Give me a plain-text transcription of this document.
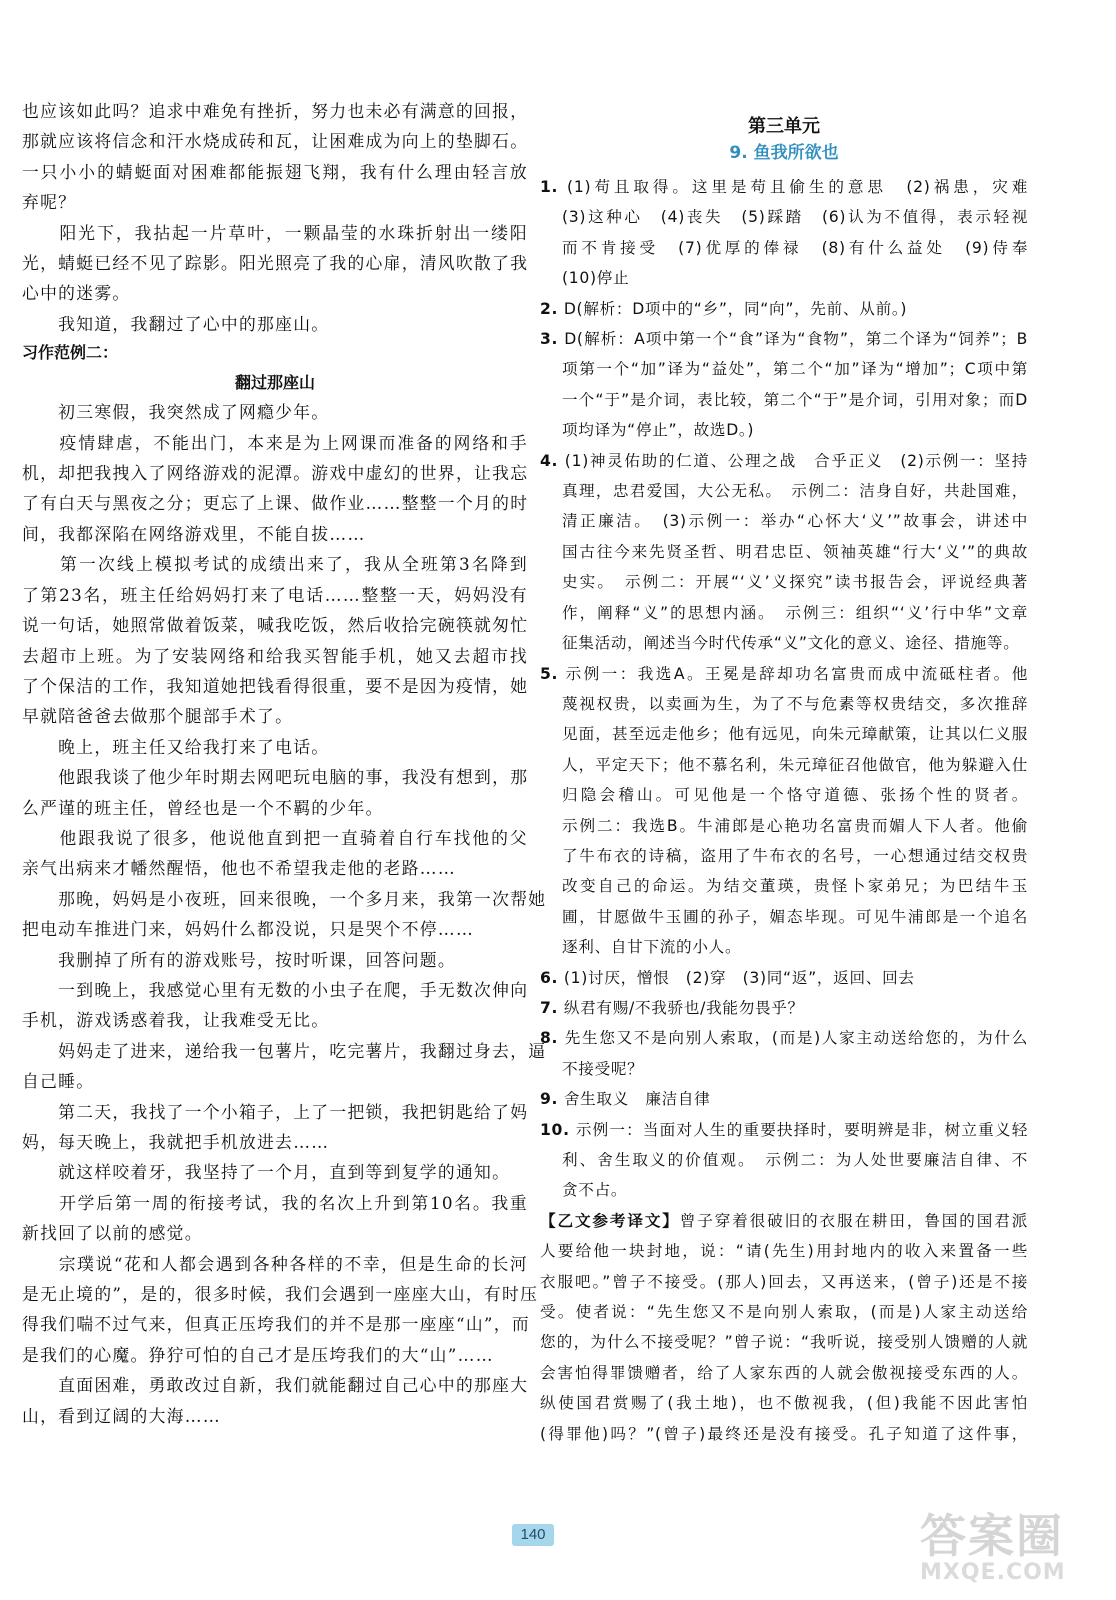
也应该如此吗？追求中难免有挫折，努力也未必有满意的回报，

那就应该将信念和汗水烧成砖和瓦，让困难成为向上的垫脚石。

一只小小的蜻蜓面对困难都能振翅飞翔，我有什么理由轻言放

弃呢？

　　阳光下，我拈起一片草叶，一颗晶莹的水珠折射出一缕阳

光，蜻蜓已经不见了踪影。阳光照亮了我的心扉，清风吹散了我

心中的迷雾。

　　我知道，我翻过了心中的那座山。

习作范例二：

翻过那座山

　　初三寒假，我突然成了网瘾少年。

　　疫情肆虐，不能出门，本来是为上网课而准备的网络和手

机，却把我拽入了网络游戏的泥潭。游戏中虚幻的世界，让我忘

了有白天与黑夜之分；更忘了上课、做作业……整整一个月的时

间，我都深陷在网络游戏里，不能自拔……

　　第一次线上模拟考试的成绩出来了，我从全班第3名降到

了第23名，班主任给妈妈打来了电话……整整一天，妈妈没有

说一句话，她照常做着饭菜，喊我吃饭，然后收拾完碗筷就匆忙

去超市上班。为了安装网络和给我买智能手机，她又去超市找

了个保洁的工作，我知道她把钱看得很重，要不是因为疫情，她

早就陪爸爸去做那个腿部手术了。

　　晚上，班主任又给我打来了电话。

　　他跟我谈了他少年时期去网吧玩电脑的事，我没有想到，那

么严谨的班主任，曾经也是一个不羁的少年。

　　他跟我说了很多，他说他直到把一直骑着自行车找他的父

亲气出病来才幡然醒悟，他也不希望我走他的老路……

　　那晚，妈妈是小夜班，回来很晚，一个多月来，我第一次帮她

把电动车推进门来，妈妈什么都没说，只是哭个不停……

　　我删掉了所有的游戏账号，按时听课，回答问题。

　　一到晚上，我感觉心里有无数的小虫子在爬，手无数次伸向

手机，游戏诱惑着我，让我难受无比。

　　妈妈走了进来，递给我一包薯片，吃完薯片，我翻过身去，逼

自己睡。

　　第二天，我找了一个小箱子，上了一把锁，我把钥匙给了妈

妈，每天晚上，我就把手机放进去……

　　就这样咬着牙，我坚持了一个月，直到等到复学的通知。

　　开学后第一周的衔接考试，我的名次上升到第10名。我重

新找回了以前的感觉。

　　宗璞说“花和人都会遇到各种各样的不幸，但是生命的长河

是无止境的”，是的，很多时候，我们会遇到一座座大山，有时压

得我们喘不过气来，但真正压垮我们的并不是那一座座“山”，而

是我们的心魔。狰狞可怕的自己才是压垮我们的大“山”……

　　直面困难，勇敢改过自新，我们就能翻过自己心中的那座大

山，看到辽阔的大海……

第三单元

9. 鱼我所欲也

1. (1)苟且取得。这里是苟且偷生的意思　(2)祸患，灾难

(3)这种心　(4)丧失　(5)踩踏　(6)认为不值得，表示轻视

而不肯接受　(7)优厚的俸禄　(8)有什么益处　(9)侍奉

(10)停止

2. D(解析：D项中的“乡”，同“向”，先前、从前。)

3. D(解析：A项中第一个“食”译为“食物”，第二个译为“饲养”；B

项第一个“加”译为“益处”，第二个“加”译为“增加”；C项中第

一个“于”是介词，表比较，第二个“于”是介词，引用对象；而D

项均译为“停止”，故选D。)

4. (1)神灵佑助的仁道、公理之战　合乎正义　(2)示例一：坚持

真理，忠君爱国，大公无私。　示例二：洁身自好，共赴国难，

清正廉洁。　(3)示例一：举办“心怀大‘义’”故事会，讲述中

国古往今来先贤圣哲、明君忠臣、领袖英雄“行大‘义’”的典故

史实。　示例二：开展“‘义’义探究”读书报告会，评说经典著

作，阐释“义”的思想内涵。　示例三：组织“‘义’行中华”文章

征集活动，阐述当今时代传承“义”文化的意义、途径、措施等。

5. 示例一：我选A。王冕是辞却功名富贵而成中流砥柱者。他

蔑视权贵，以卖画为生，为了不与危素等权贵结交，多次推辞

见面，甚至远走他乡；他有远见，向朱元璋献策，让其以仁义服

人，平定天下；他不慕名利，朱元璋征召他做官，他为躲避入仕

归隐会稽山。可见他是一个恪守道德、张扬个性的贤者。

示例二：我选B。牛浦郎是心艳功名富贵而媚人下人者。他偷

了牛布衣的诗稿，盗用了牛布衣的名号，一心想通过结交权贵

改变自己的命运。为结交董瑛，贵怪卜家弟兄；为巴结牛玉

圃，甘愿做牛玉圃的孙子，媚态毕现。可见牛浦郎是一个追名

逐利、自甘下流的小人。

6. (1)讨厌，憎恨　(2)穿　(3)同“返”，返回、回去

7. 纵君有赐/不我骄也/我能勿畏乎？

8. 先生您又不是向别人索取，(而是)人家主动送给您的，为什么

不接受呢？

9. 舍生取义　廉洁自律

10. 示例一：当面对人生的重要抉择时，要明辨是非，树立重义轻

利、舍生取义的价值观。　示例二：为人处世要廉洁自律、不

贪不占。

【乙文参考译文】曾子穿着很破旧的衣服在耕田，鲁国的国君派

人要给他一块封地，说：“请(先生)用封地内的收入来置备一些

衣服吧。”曾子不接受。(那人)回去，又再送来，(曾子)还是不接

受。使者说：“先生您又不是向别人索取，(而是)人家主动送给

您的，为什么不接受呢？”曾子说：“我听说，接受别人馈赠的人就

会害怕得罪馈赠者，给了人家东西的人就会傲视接受东西的人。

纵使国君赏赐了(我土地)，也不傲视我，(但)我能不因此害怕

(得罪他)吗？”(曾子)最终还是没有接受。孔子知道了这件事，

140	答案圈
MXQE.COM
